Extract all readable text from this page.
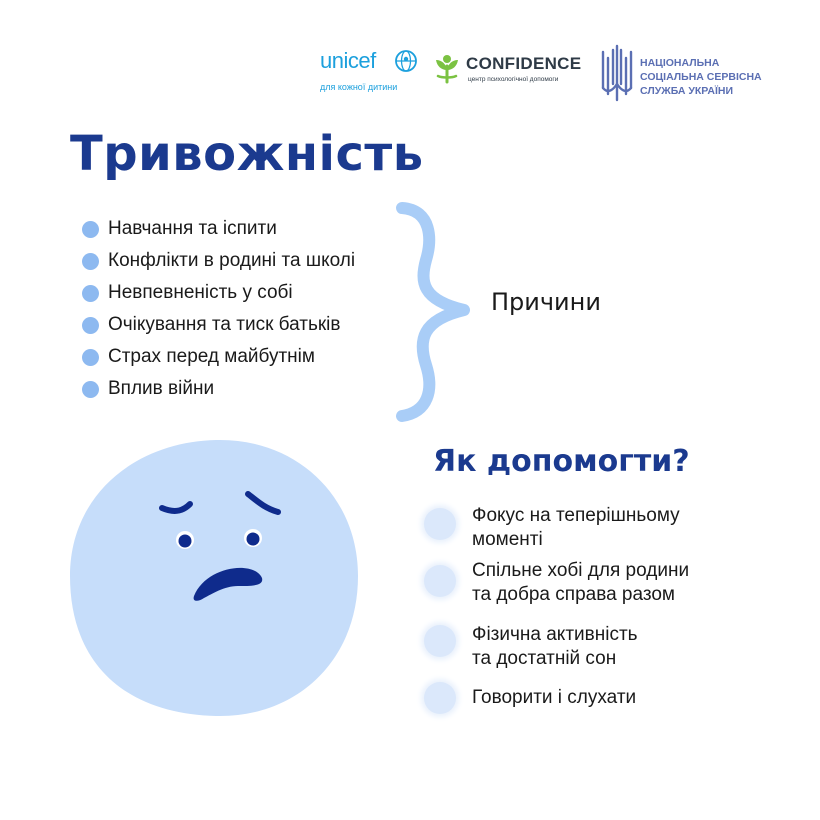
unicef
для кожної дитини
CONFIDENCE
центр психологічної допомоги
НАЦІОНАЛЬНА
СОЦІАЛЬНА СЕРВІСНА
СЛУЖБА УКРАЇНИ
Тривожність
Навчання та іспити
Конфлікти в родині та школі
Невпевненість у собі
Очікування та тиск батьків
Страх перед майбутнім
Вплив війни
Причини
Як допомогти?
Фокус на теперішньому
моменті
Спільне хобі для родини
та добра справа разом
Фізична активність
та достатній сон
Говорити і слухати
